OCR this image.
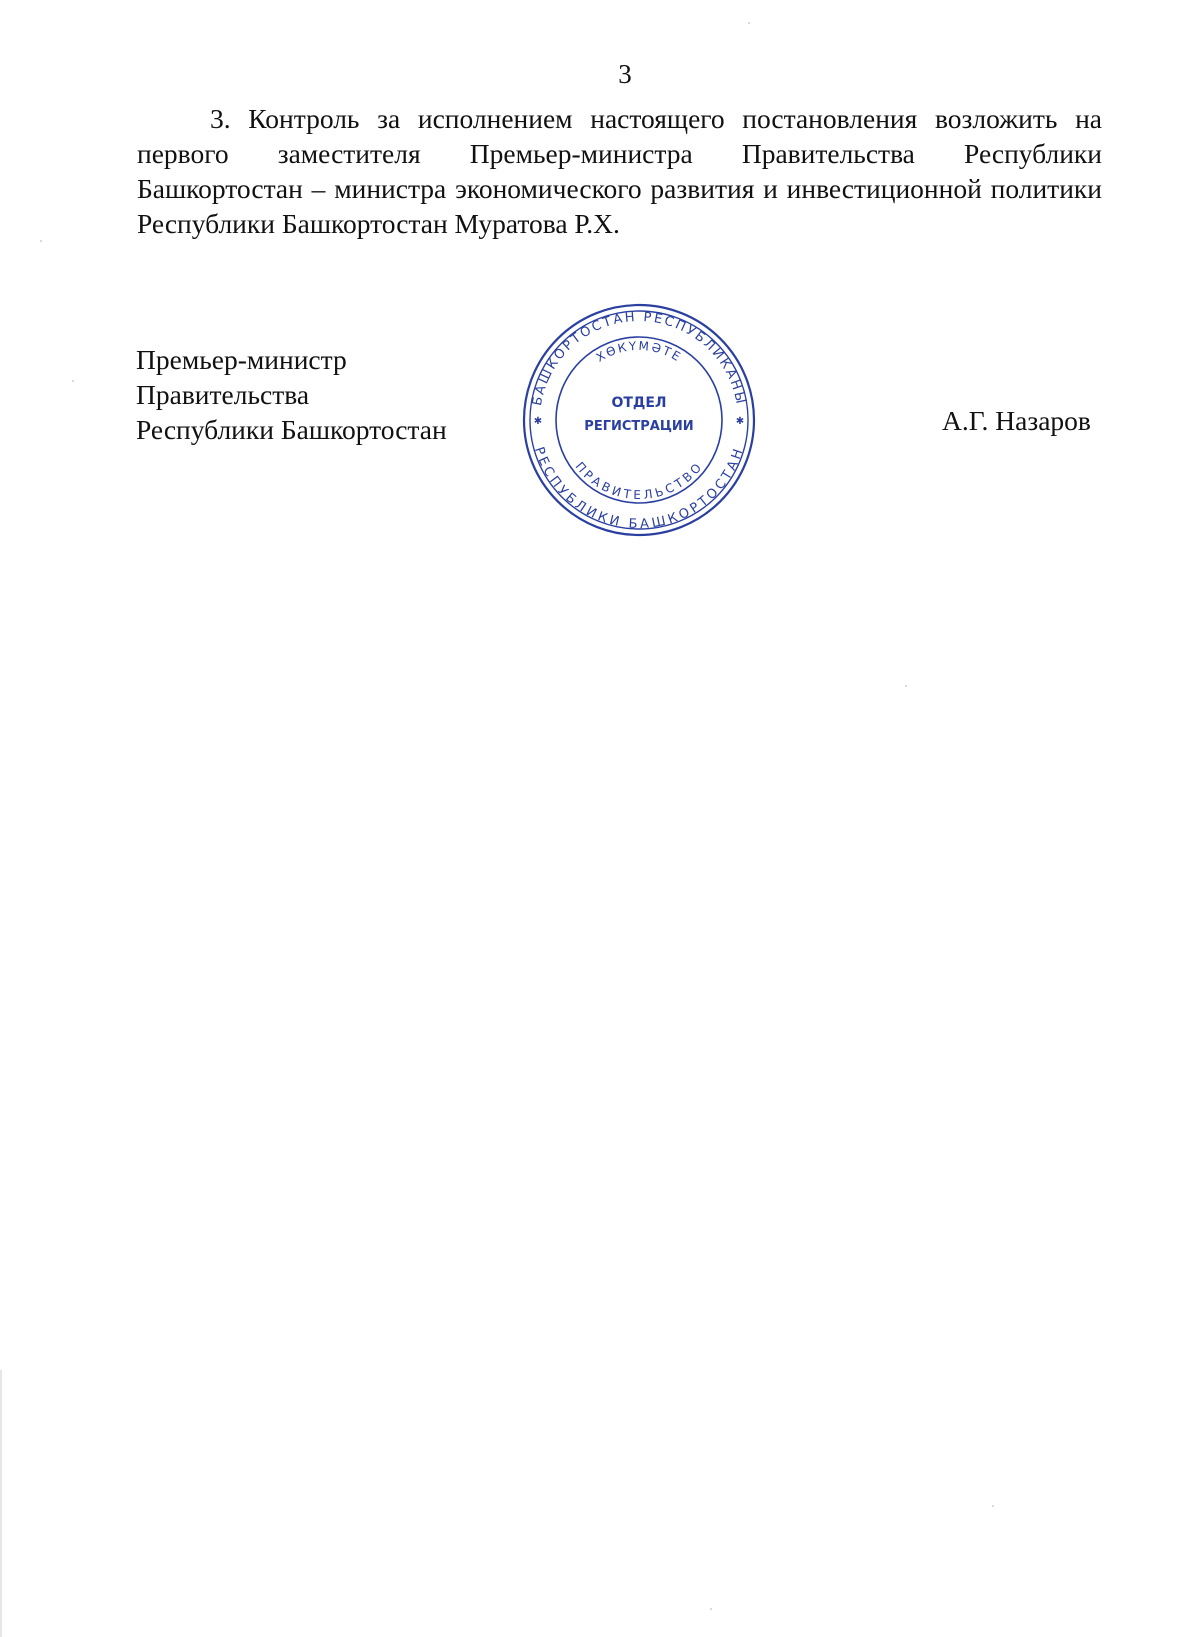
3

3. Контроль за исполнением настоящего постановления возложить на первого заместителя Премьер-министра Правительства Республики Башкортостан – министра экономического развития и инвестиционной политики Республики Башкортостан Муратова Р.Х.

Премьер-министр
Правительства
Республики Башкортостан
БАШКОРТОСТАН РЕСПУБЛИКАНЫ
РЕСПУБЛИКИ БАШКОРТОСТАН
ХӨКҮМӘТЕ
ПРАВИТЕЛЬСТВО
✱	✱
ОТДЕЛ
РЕГИСТРАЦИИ	А.Г. Назаров
